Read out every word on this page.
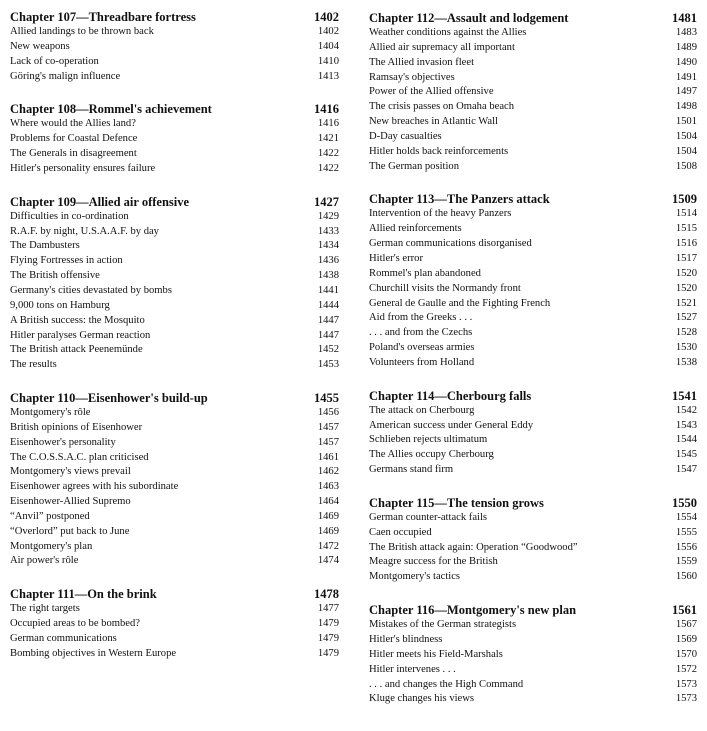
Chapter 107—Threadbare fortress	1402
Allied landings to be thrown back	1402
New weapons	1404
Lack of co-operation	1410
Göring's malign influence	1413
Chapter 108—Rommel's achievement	1416
Where would the Allies land?	1416
Problems for Coastal Defence	1421
The Generals in disagreement	1422
Hitler's personality ensures failure	1422
Chapter 109—Allied air offensive	1427
Difficulties in co-ordination	1429
R.A.F. by night, U.S.A.A.F. by day	1433
The Dambusters	1434
Flying Fortresses in action	1436
The British offensive	1438
Germany's cities devastated by bombs	1441
9,000 tons on Hamburg	1444
A British success: the Mosquito	1447
Hitler paralyses German reaction	1447
The British attack Peenemünde	1452
The results	1453
Chapter 110—Eisenhower's build-up	1455
Montgomery's rôle	1456
British opinions of Eisenhower	1457
Eisenhower's personality	1457
The C.O.S.S.A.C. plan criticised	1461
Montgomery's views prevail	1462
Eisenhower agrees with his subordinate	1463
Eisenhower-Allied Supremo	1464
“Anvil” postponed	1469
“Overlord” put back to June	1469
Montgomery's plan	1472
Air power's rôle	1474
Chapter 111—On the brink	1478
The right targets	1477
Occupied areas to be bombed?	1479
German communications	1479
Bombing objectives in Western Europe	1479
Chapter 112—Assault and lodgement	1481
Weather conditions against the Allies	1483
Allied air supremacy all important	1489
The Allied invasion fleet	1490
Ramsay's objectives	1491
Power of the Allied offensive	1497
The crisis passes on Omaha beach	1498
New breaches in Atlantic Wall	1501
D-Day casualties	1504
Hitler holds back reinforcements	1504
The German position	1508
Chapter 113—The Panzers attack	1509
Intervention of the heavy Panzers	1514
Allied reinforcements	1515
German communications disorganised	1516
Hitler's error	1517
Rommel's plan abandoned	1520
Churchill visits the Normandy front	1520
General de Gaulle and the Fighting French	1521
Aid from the Greeks . . .	1527
. . . and from the Czechs	1528
Poland's overseas armies	1530
Volunteers from Holland	1538
Chapter 114—Cherbourg falls	1541
The attack on Cherbourg	1542
American success under General Eddy	1543
Schlieben rejects ultimatum	1544
The Allies occupy Cherbourg	1545
Germans stand firm	1547
Chapter 115—The tension grows	1550
German counter-attack fails	1554
Caen occupied	1555
The British attack again: Operation “Goodwood”	1556
Meagre success for the British	1559
Montgomery's tactics	1560
Chapter 116—Montgomery's new plan	1561
Mistakes of the German strategists	1567
Hitler's blindness	1569
Hitler meets his Field-Marshals	1570
Hitler intervenes . . .	1572
. . . and changes the High Command	1573
Kluge changes his views	1573
